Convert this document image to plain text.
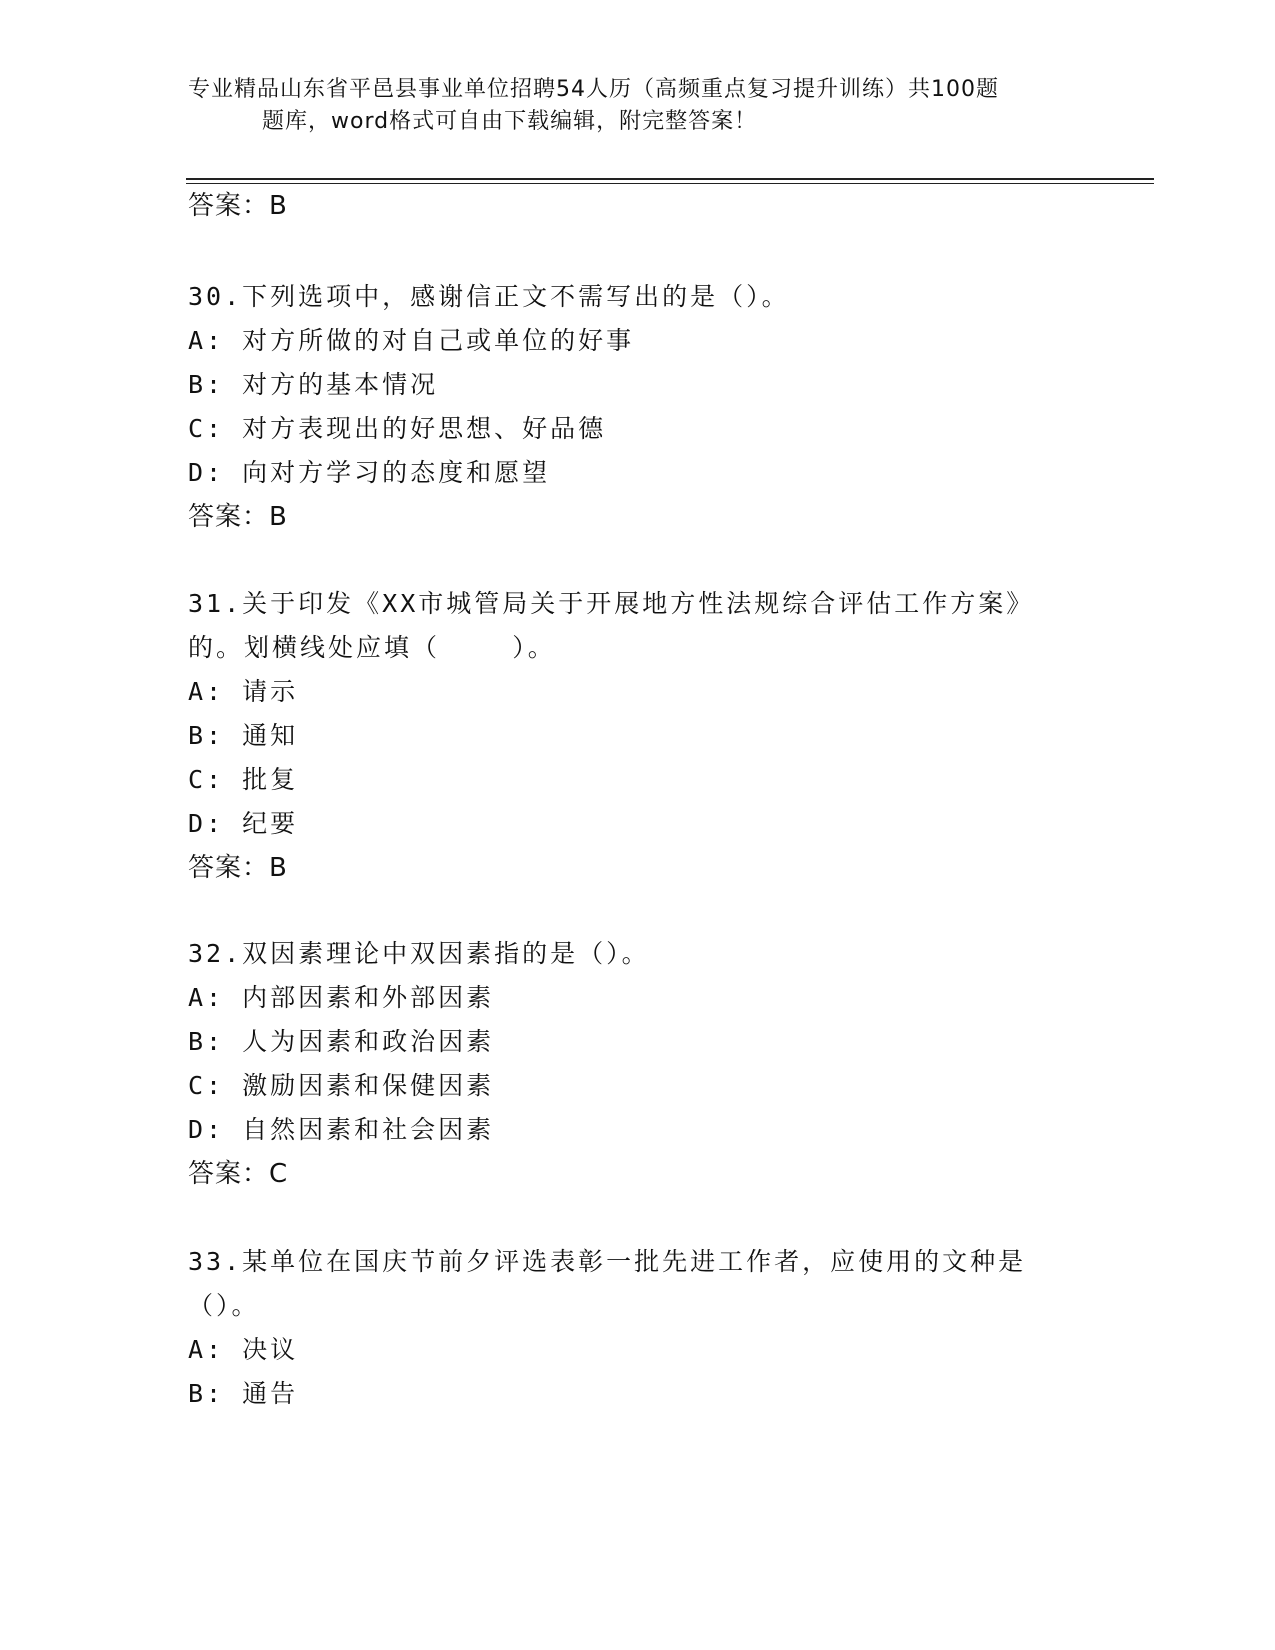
专业精品山东省平邑县事业单位招聘54人历（高频重点复习提升训练）共100题
题库，word格式可自由下载编辑，附完整答案！
答案：B
30.下列选项中，感谢信正文不需写出的是（）。
A: 对方所做的对自己或单位的好事
B: 对方的基本情况
C: 对方表现出的好思想、好品德
D: 向对方学习的态度和愿望
答案：B
31.关于印发《XX市城管局关于开展地方性法规综合评估工作方案》的。划横线处应填（    ）。
A: 请示
B: 通知
C: 批复
D: 纪要
答案：B
32.双因素理论中双因素指的是（）。
A: 内部因素和外部因素
B: 人为因素和政治因素
C: 激励因素和保健因素
D: 自然因素和社会因素
答案：C
33.某单位在国庆节前夕评选表彰一批先进工作者，应使用的文种是（）。
A: 决议
B: 通告
